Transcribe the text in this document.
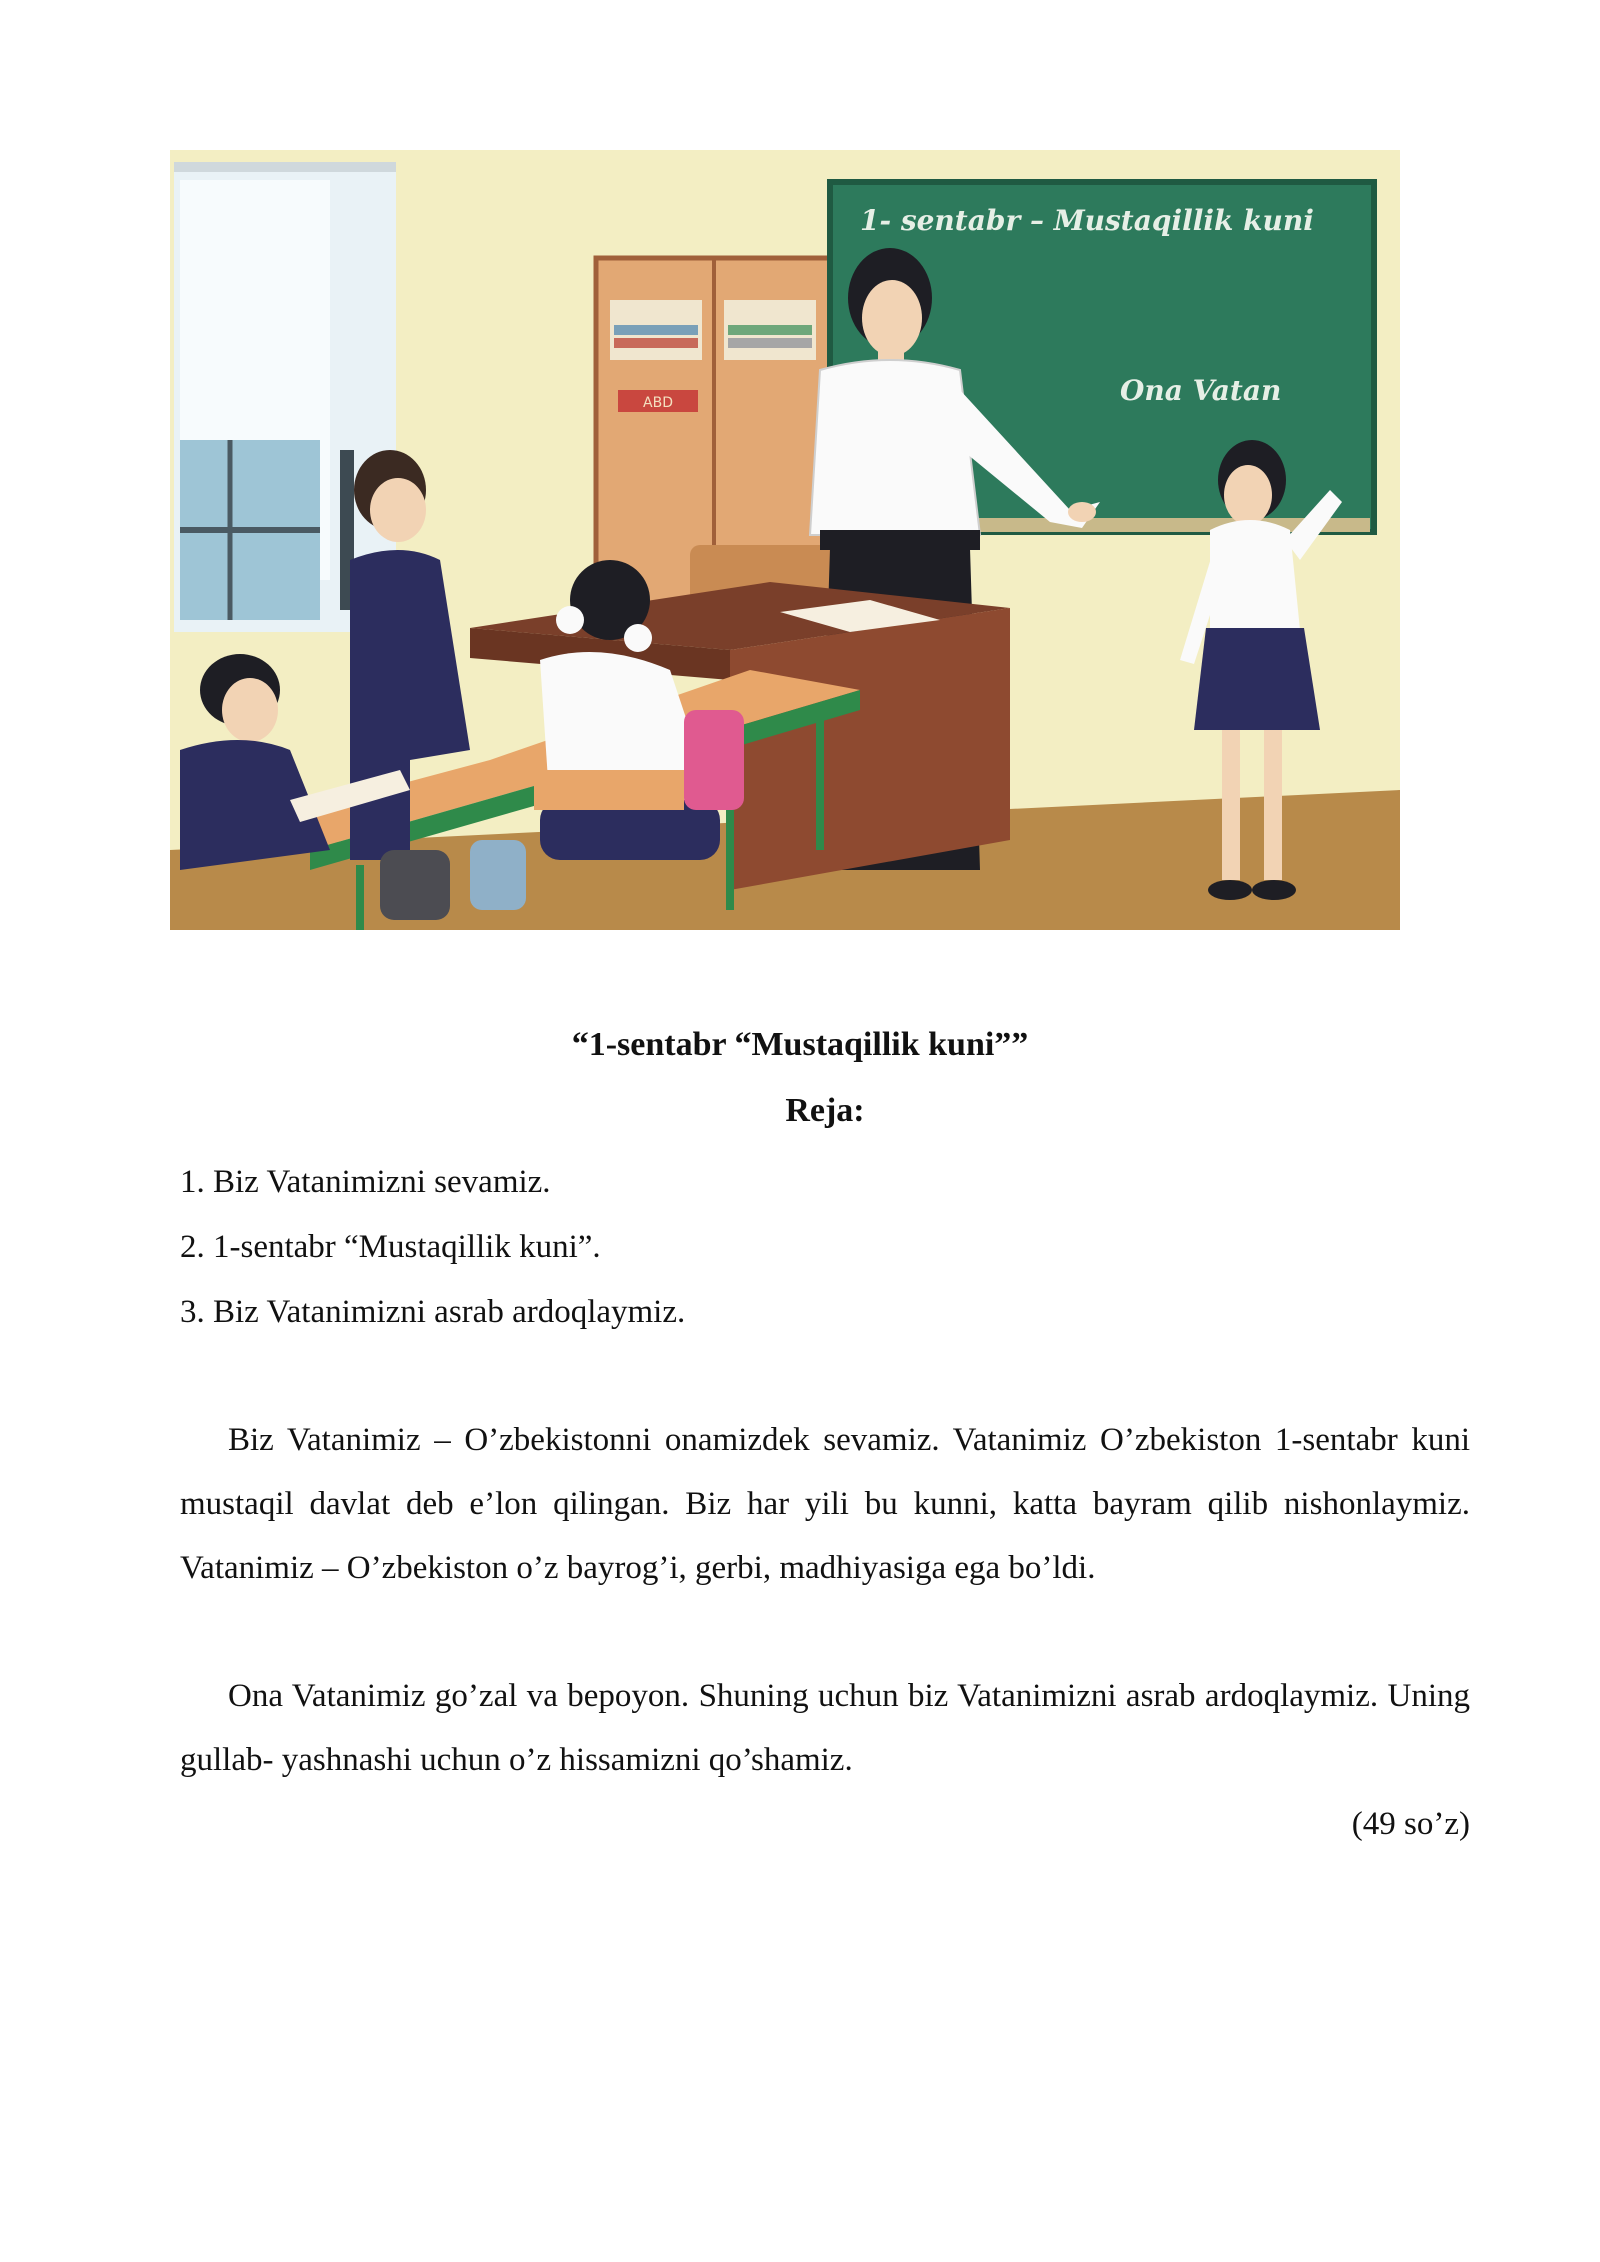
ABD
1- sentabr – Mustaqillik kuni
Ona Vatan
“1-sentabr “Mustaqillik kuni””
Reja:
1. Biz Vatanimizni sevamiz.
2. 1-sentabr “Mustaqillik kuni”.
3. Biz Vatanimizni asrab ardoqlaymiz.

Biz Vatanimiz – O’zbekistonni onamizdek sevamiz. Vatanimiz O’zbekiston 1-sentabr kuni mustaqil davlat deb e’lon qilingan. Biz har yili bu kunni, katta bayram qilib nishonlaymiz. Vatanimiz – O’zbekiston o’z bayrog’i, gerbi, madhiyasiga ega bo’ldi.

Ona Vatanimiz go’zal va bepoyon. Shuning uchun biz Vatanimizni asrab ardoqlaymiz. Uning gullab- yashnashi uchun o’z hissamizni qo’shamiz.

(49 so’z)
